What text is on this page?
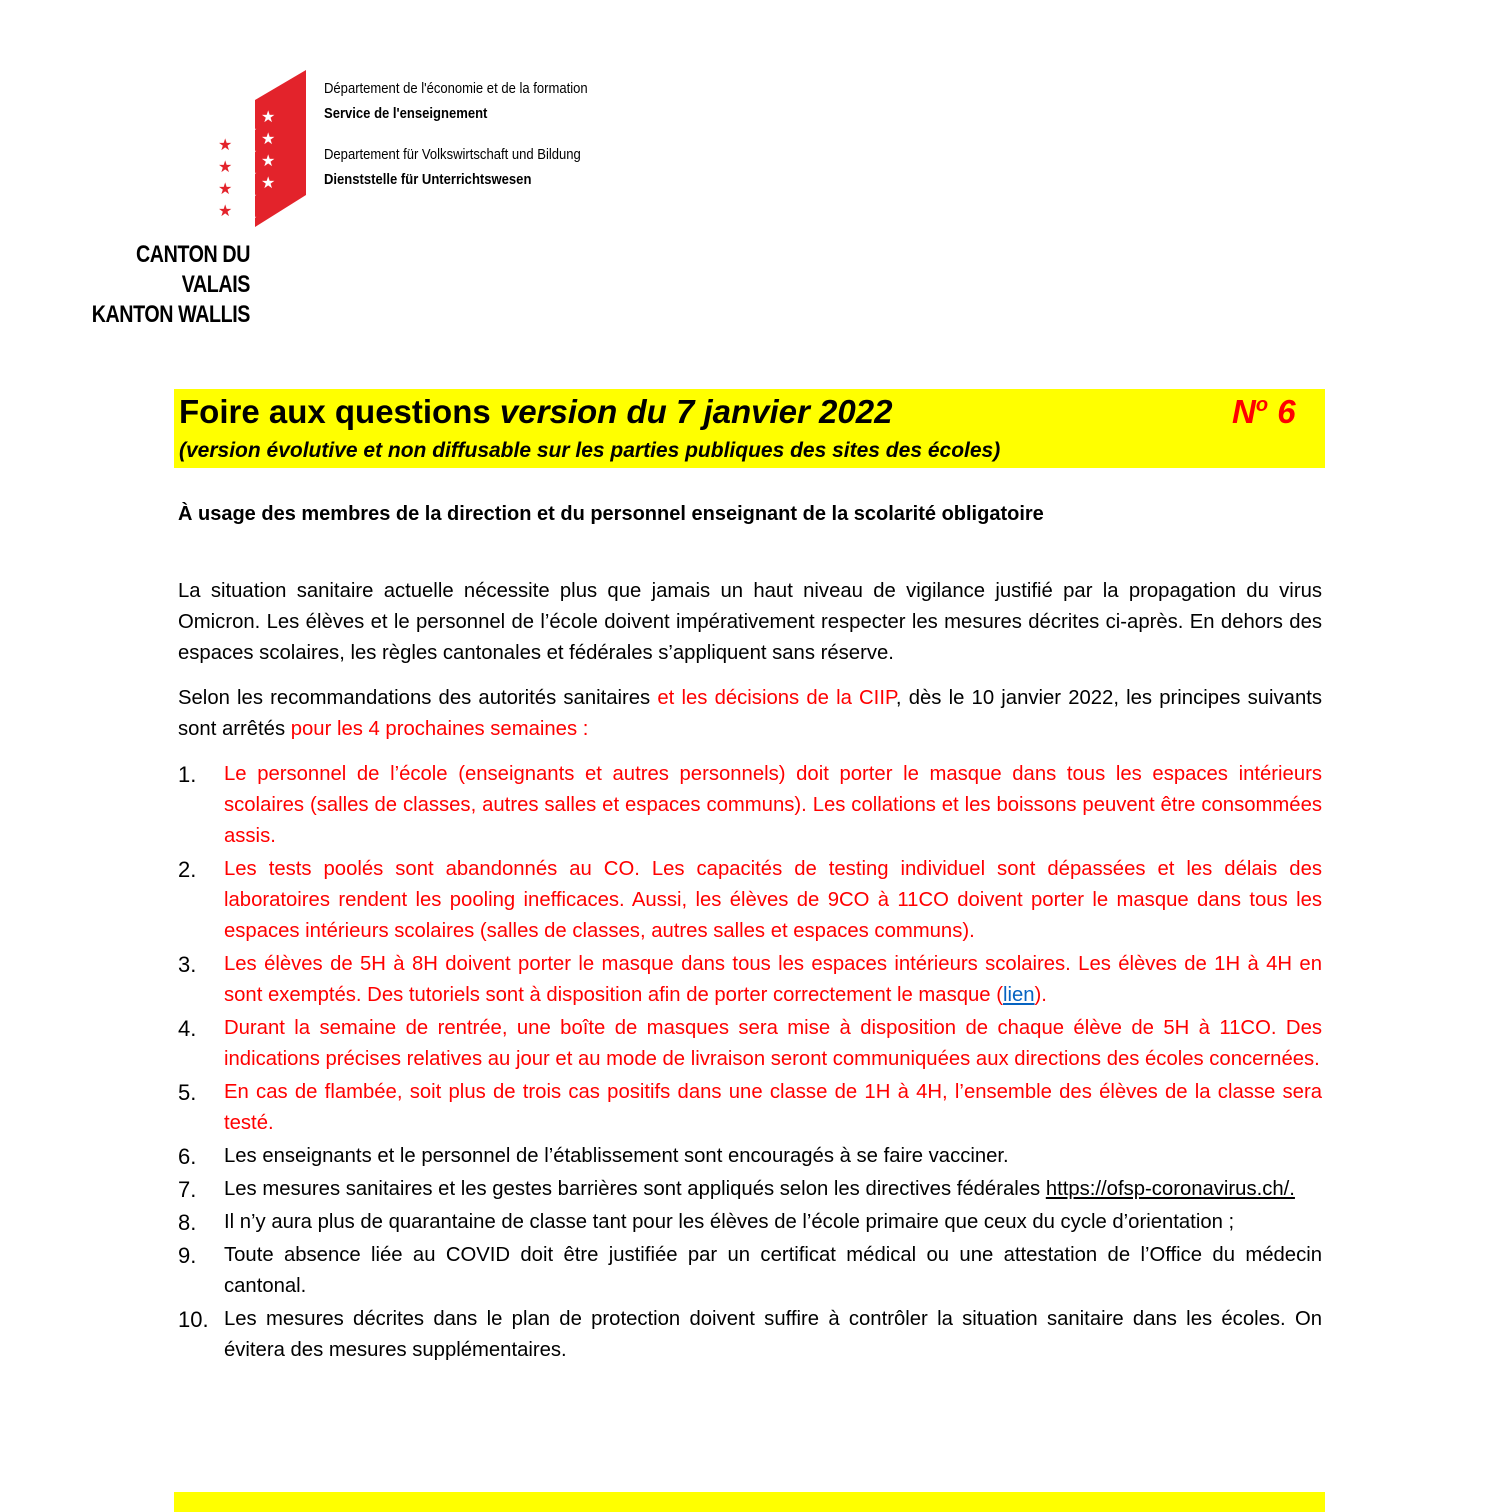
★
★
★
★
★
★
★
★
★
★
★
★
★
Département de l'économie et de la formation
Service de l'enseignement
Departement für Volkswirtschaft und Bildung
Dienststelle für Unterrichtswesen
CANTON DU VALAIS
KANTON WALLIS
Foire aux questions version du 7 janvier 2022	$N^o$ 6
(version évolutive et non diffusable sur les parties publiques des sites des écoles)
À usage des membres de la direction et du personnel enseignant de la scolarité obligatoire

La situation sanitaire actuelle nécessite plus que jamais un haut niveau de vigilance justifié par la propagation du virus Omicron. Les élèves et le personnel de l’école doivent impérativement respecter les mesures décrites ci-après. En dehors des espaces scolaires, les règles cantonales et fédérales s’appliquent sans réserve.

Selon les recommandations des autorités sanitaires et les décisions de la CIIP, dès le 10 janvier 2022, les principes suivants sont arrêtés pour les 4 prochaines semaines :

1. Le personnel de l’école (enseignants et autres personnels) doit porter le masque dans tous les espaces intérieurs scolaires (salles de classes, autres salles et espaces communs). Les collations et les boissons peuvent être consommées assis.
2. Les tests poolés sont abandonnés au CO. Les capacités de testing individuel sont dépassées et les délais des laboratoires rendent les pooling inefficaces. Aussi, les élèves de 9CO à 11CO doivent porter le masque dans tous les espaces intérieurs scolaires (salles de classes, autres salles et espaces communs).
3. Les élèves de 5H à 8H doivent porter le masque dans tous les espaces intérieurs scolaires. Les élèves de 1H à 4H en sont exemptés. Des tutoriels sont à disposition afin de porter correctement le masque (lien).
4. Durant la semaine de rentrée, une boîte de masques sera mise à disposition de chaque élève de 5H à 11CO. Des indications précises relatives au jour et au mode de livraison seront communiquées aux directions des écoles concernées.
5. En cas de flambée, soit plus de trois cas positifs dans une classe de 1H à 4H, l’ensemble des élèves de la classe sera testé.
6. Les enseignants et le personnel de l’établissement sont encouragés à se faire vacciner.
7. Les mesures sanitaires et les gestes barrières sont appliqués selon les directives fédérales https://ofsp-coronavirus.ch/.
8. Il n’y aura plus de quarantaine de classe tant pour les élèves de l’école primaire que ceux du cycle d’orientation ;
9. Toute absence liée au COVID doit être justifiée par un certificat médical ou une attestation de l’Office du médecin cantonal.
10. Les mesures décrites dans le plan de protection doivent suffire à contrôler la situation sanitaire dans les écoles. On évitera des mesures supplémentaires.
